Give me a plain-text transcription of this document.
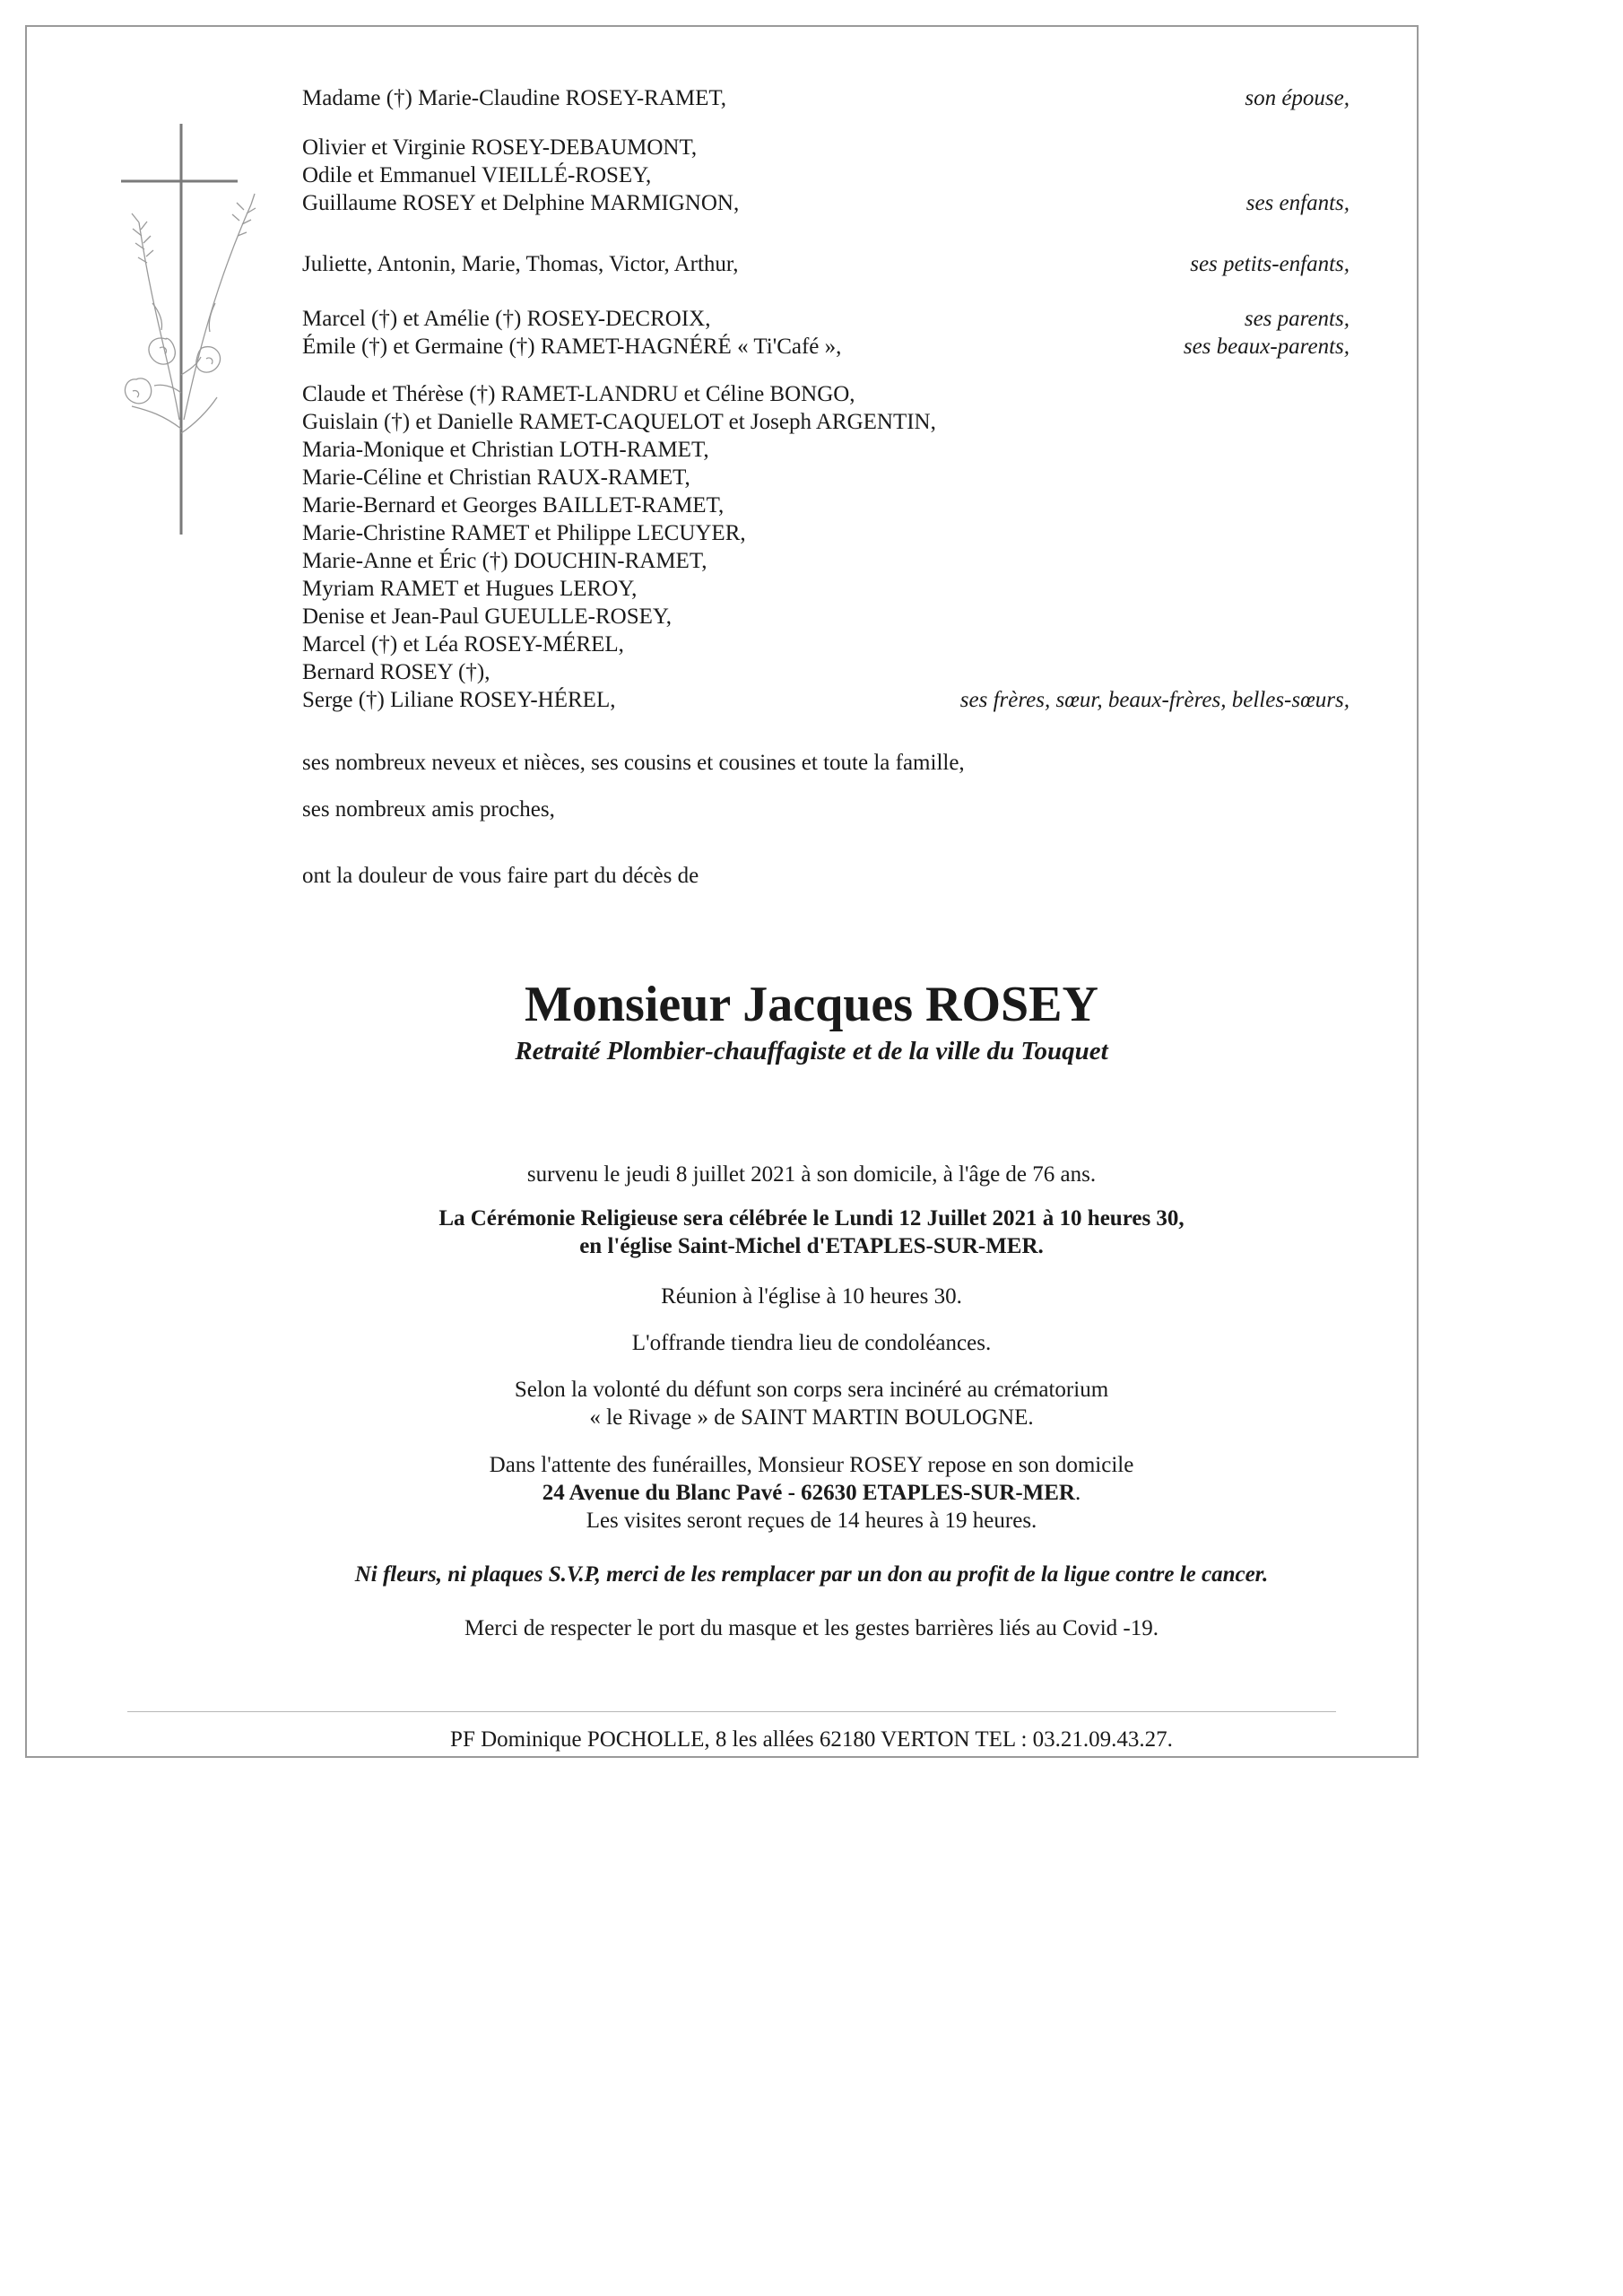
Madame (†) Marie-Claudine ROSEY-RAMET,	son épouse,
Olivier et Virginie ROSEY-DEBAUMONT,
Odile et Emmanuel VIEILLÉ-ROSEY,
Guillaume ROSEY et Delphine MARMIGNON,	ses enfants,
Juliette, Antonin, Marie, Thomas, Victor, Arthur,	ses petits-enfants,
Marcel (†) et Amélie (†) ROSEY-DECROIX,	ses parents,
Émile (†) et Germaine (†) RAMET-HAGNÉRÉ « Ti'Café »,	ses beaux-parents,
Claude et Thérèse (†) RAMET-LANDRU et Céline BONGO,
Guislain (†) et Danielle RAMET-CAQUELOT et Joseph ARGENTIN,
Maria-Monique et Christian LOTH-RAMET,
Marie-Céline et Christian RAUX-RAMET,
Marie-Bernard et Georges BAILLET-RAMET,
Marie-Christine RAMET et Philippe LECUYER,
Marie-Anne et Éric (†) DOUCHIN-RAMET,
Myriam RAMET et Hugues LEROY,
Denise et Jean-Paul GUEULLE-ROSEY,
Marcel (†) et Léa ROSEY-MÉREL,
Bernard ROSEY (†),
Serge (†) Liliane ROSEY-HÉREL,	ses frères, sœur, beaux-frères, belles-sœurs,
ses nombreux neveux et nièces, ses cousins et cousines et toute la famille,
ses nombreux amis proches,
ont la douleur de vous faire part du décès de
Monsieur Jacques ROSEY
Retraité Plombier-chauffagiste et de la ville du Touquet
survenu le jeudi 8 juillet 2021 à son domicile, à l'âge de 76 ans.
La Cérémonie Religieuse sera célébrée le Lundi 12 Juillet 2021 à 10 heures 30,
en l'église Saint-Michel d'ETAPLES-SUR-MER.
Réunion à l'église à 10 heures 30.
L'offrande tiendra lieu de condoléances.
Selon la volonté du défunt son corps sera incinéré au crématorium
« le Rivage » de SAINT MARTIN BOULOGNE.
Dans l'attente des funérailles, Monsieur ROSEY repose en son domicile
24 Avenue du Blanc Pavé - 62630 ETAPLES-SUR-MER.
Les visites seront reçues de 14 heures à 19 heures.
Ni fleurs, ni plaques S.V.P, merci de les remplacer par un don au profit de la ligue contre le cancer.
Merci de respecter le port du masque et les gestes barrières liés au Covid -19.
PF Dominique POCHOLLE, 8 les allées 62180 VERTON TEL : 03.21.09.43.27.
